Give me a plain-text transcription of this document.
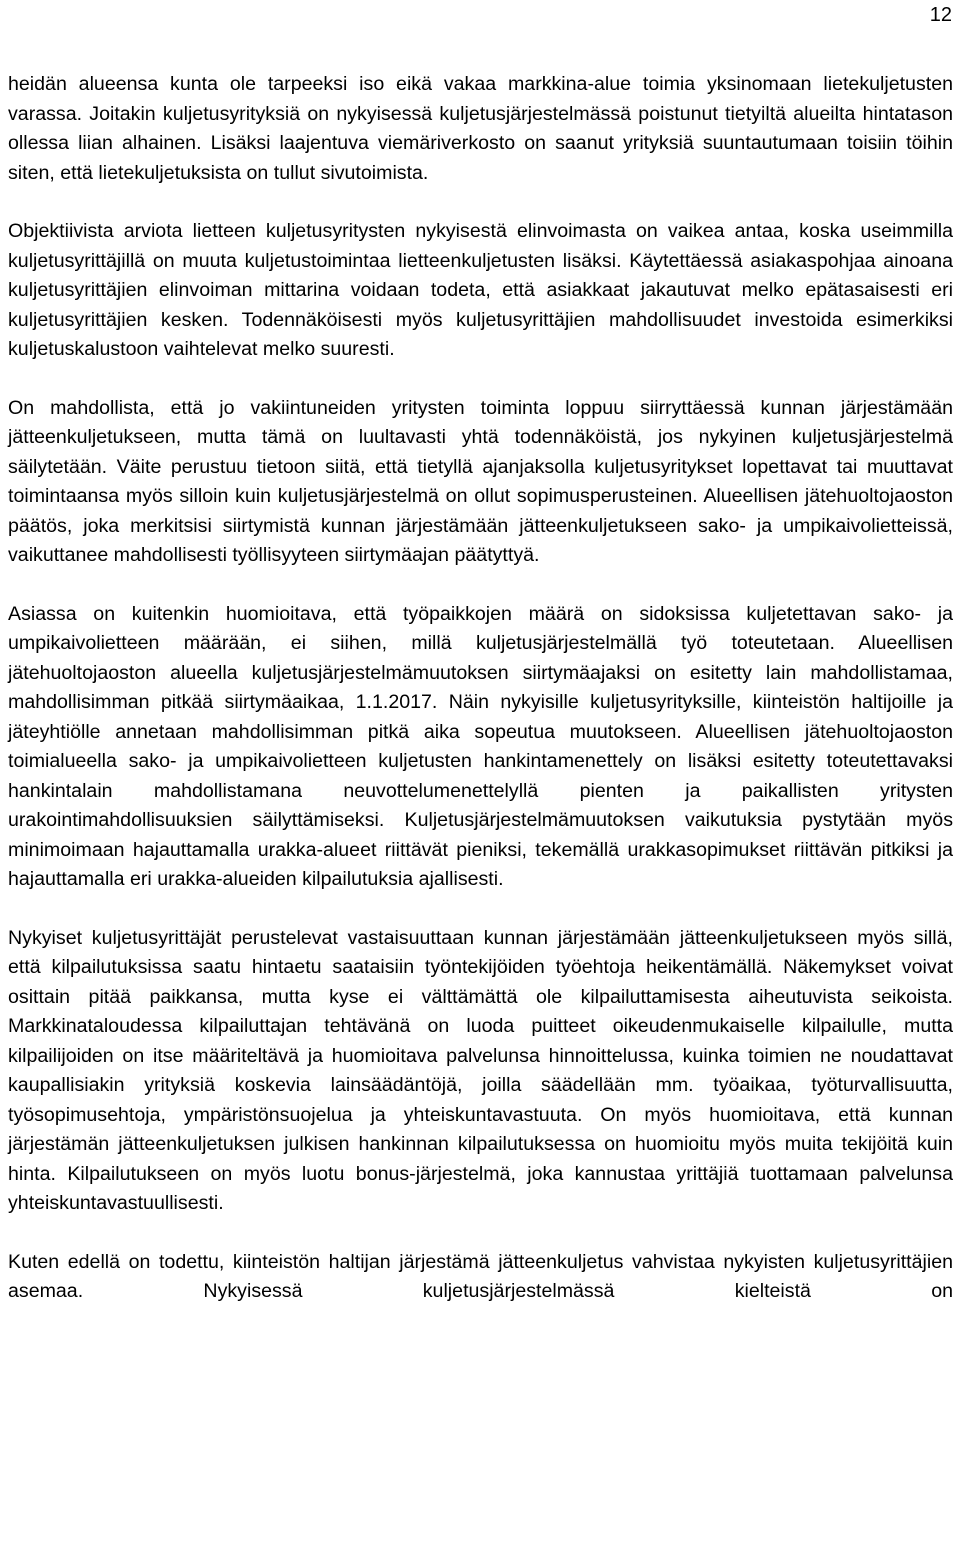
12

heidän alueensa kunta ole tarpeeksi iso eikä vakaa markkina-alue toimia yksinomaan lietekuljetusten varassa. Joitakin kuljetusyrityksiä on nykyisessä kuljetusjärjestelmässä poistunut tietyiltä alueilta hintatason ollessa liian alhainen. Lisäksi laajentuva viemäriverkosto on saanut yrityksiä suuntautumaan toisiin töihin siten, että lietekuljetuksista on tullut sivutoimista.

Objektiivista arviota lietteen kuljetusyritysten nykyisestä elinvoimasta on vaikea antaa, koska useimmilla kuljetusyrittäjillä on muuta kuljetustoimintaa lietteenkuljetusten lisäksi. Käytettäessä asiakaspohjaa ainoana kuljetusyrittäjien elinvoiman mittarina voidaan todeta, että asiakkaat jakautuvat melko epätasaisesti eri kuljetusyrittäjien kesken. Todennäköisesti myös kuljetusyrittäjien mahdollisuudet investoida esimerkiksi kuljetuskalustoon vaihtelevat melko suuresti.

On mahdollista, että jo vakiintuneiden yritysten toiminta loppuu siirryttäessä kunnan järjestämään jätteenkuljetukseen, mutta tämä on luultavasti yhtä todennäköistä, jos nykyinen kuljetusjärjestelmä säilytetään. Väite perustuu tietoon siitä, että tietyllä ajanjaksolla kuljetusyritykset lopettavat tai muuttavat toimintaansa myös silloin kuin kuljetusjärjestelmä on ollut sopimusperusteinen. Alueellisen jätehuoltojaoston päätös, joka merkitsisi siirtymistä kunnan järjestämään jätteenkuljetukseen sako- ja umpikaivolietteissä, vaikuttanee mahdollisesti työllisyyteen siirtymäajan päätyttyä.

Asiassa on kuitenkin huomioitava, että työpaikkojen määrä on sidoksissa kuljetettavan sako- ja umpikaivolietteen määrään, ei siihen, millä kuljetusjärjestelmällä työ toteutetaan. Alueellisen jätehuoltojaoston alueella kuljetusjärjestelmämuutoksen siirtymäajaksi on esitetty lain mahdollistamaa, mahdollisimman pitkää siirtymäaikaa, 1.1.2017. Näin nykyisille kuljetusyrityksille, kiinteistön haltijoille ja jäteyhtiölle annetaan mahdollisimman pitkä aika sopeutua muutokseen. Alueellisen jätehuoltojaoston toimialueella sako- ja umpikaivolietteen kuljetusten hankintamenettely on lisäksi esitetty toteutettavaksi hankintalain mahdollistamana neuvottelumenettelyllä pienten ja paikallisten yritysten urakointimahdollisuuksien säilyttämiseksi. Kuljetusjärjestelmämuutoksen vaikutuksia pystytään myös minimoimaan hajauttamalla urakka-alueet riittävät pieniksi, tekemällä urakkasopimukset riittävän pitkiksi ja hajauttamalla eri urakka-alueiden kilpailutuksia ajallisesti.

Nykyiset kuljetusyrittäjät perustelevat vastaisuuttaan kunnan järjestämään jätteenkuljetukseen myös sillä, että kilpailutuksissa saatu hintaetu saataisiin työntekijöiden työehtoja heikentämällä. Näkemykset voivat osittain pitää paikkansa, mutta kyse ei välttämättä ole kilpailuttamisesta aiheutuvista seikoista. Markkinataloudessa kilpailuttajan tehtävänä on luoda puitteet oikeudenmukaiselle kilpailulle, mutta kilpailijoiden on itse määriteltävä ja huomioitava palvelunsa hinnoittelussa, kuinka toimien ne noudattavat kaupallisiakin yrityksiä koskevia lainsäädäntöjä, joilla säädellään mm. työaikaa, työturvallisuutta, työsopimusehtoja, ympäristönsuojelua ja yhteiskuntavastuuta. On myös huomioitava, että kunnan järjestämän jätteenkuljetuksen julkisen hankinnan kilpailutuksessa on huomioitu myös muita tekijöitä kuin hinta. Kilpailutukseen on myös luotu bonus-järjestelmä, joka kannustaa yrittäjiä tuottamaan palvelunsa yhteiskuntavastuullisesti.

Kuten edellä on todettu, kiinteistön haltijan järjestämä jätteenkuljetus vahvistaa nykyisten kuljetusyrittäjien asemaa. Nykyisessä kuljetusjärjestelmässä kielteistä on
